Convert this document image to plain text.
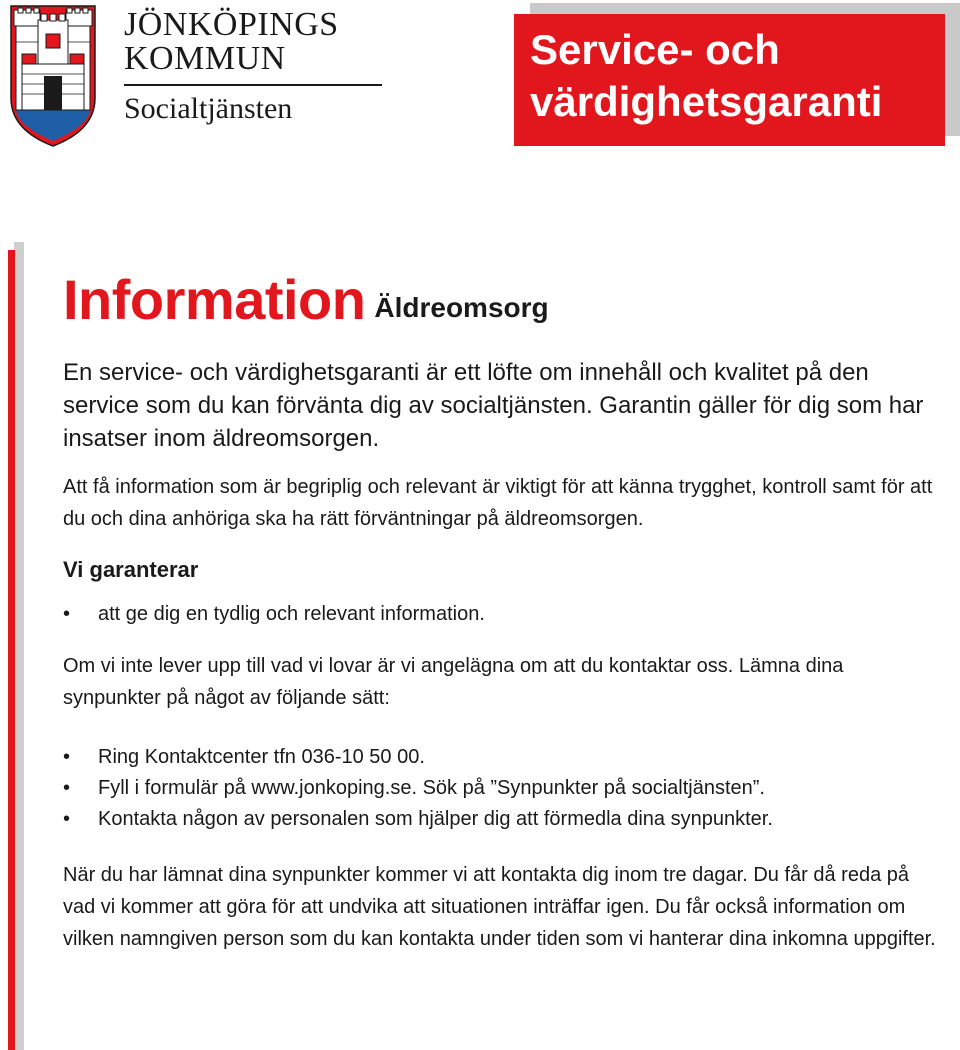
JÖNKÖPINGS

KOMMUN

Socialtjänsten

Service- och
värdighetsgaranti
Information Äldreomsorg

En service- och värdighetsgaranti är ett löfte om innehåll och kvalitet på den service som du kan förvänta dig av socialtjänsten. Garantin gäller för dig som har insatser inom äldreomsorgen.

Att få information som är begriplig och relevant är viktigt för att känna trygghet, kontroll samt för att du och dina anhöriga ska ha rätt förväntningar på äldreomsorgen.

Vi garanterar
• att ge dig en tydlig och relevant information.

Om vi inte lever upp till vad vi lovar är vi angelägna om att du kontaktar oss. Lämna dina synpunkter på något av följande sätt:

• Ring Kontaktcenter tfn 036-10 50 00.
• Fyll i formulär på www.jonkoping.se. Sök på ”Synpunkter på socialtjänsten”.
• Kontakta någon av personalen som hjälper dig att förmedla dina synpunkter.

När du har lämnat dina synpunkter kommer vi att kontakta dig inom tre dagar. Du får då reda på vad vi kommer att göra för att undvika att situationen inträffar igen. Du får också information om vilken namngiven person som du kan kontakta under tiden som vi hanterar dina inkomna uppgifter.
